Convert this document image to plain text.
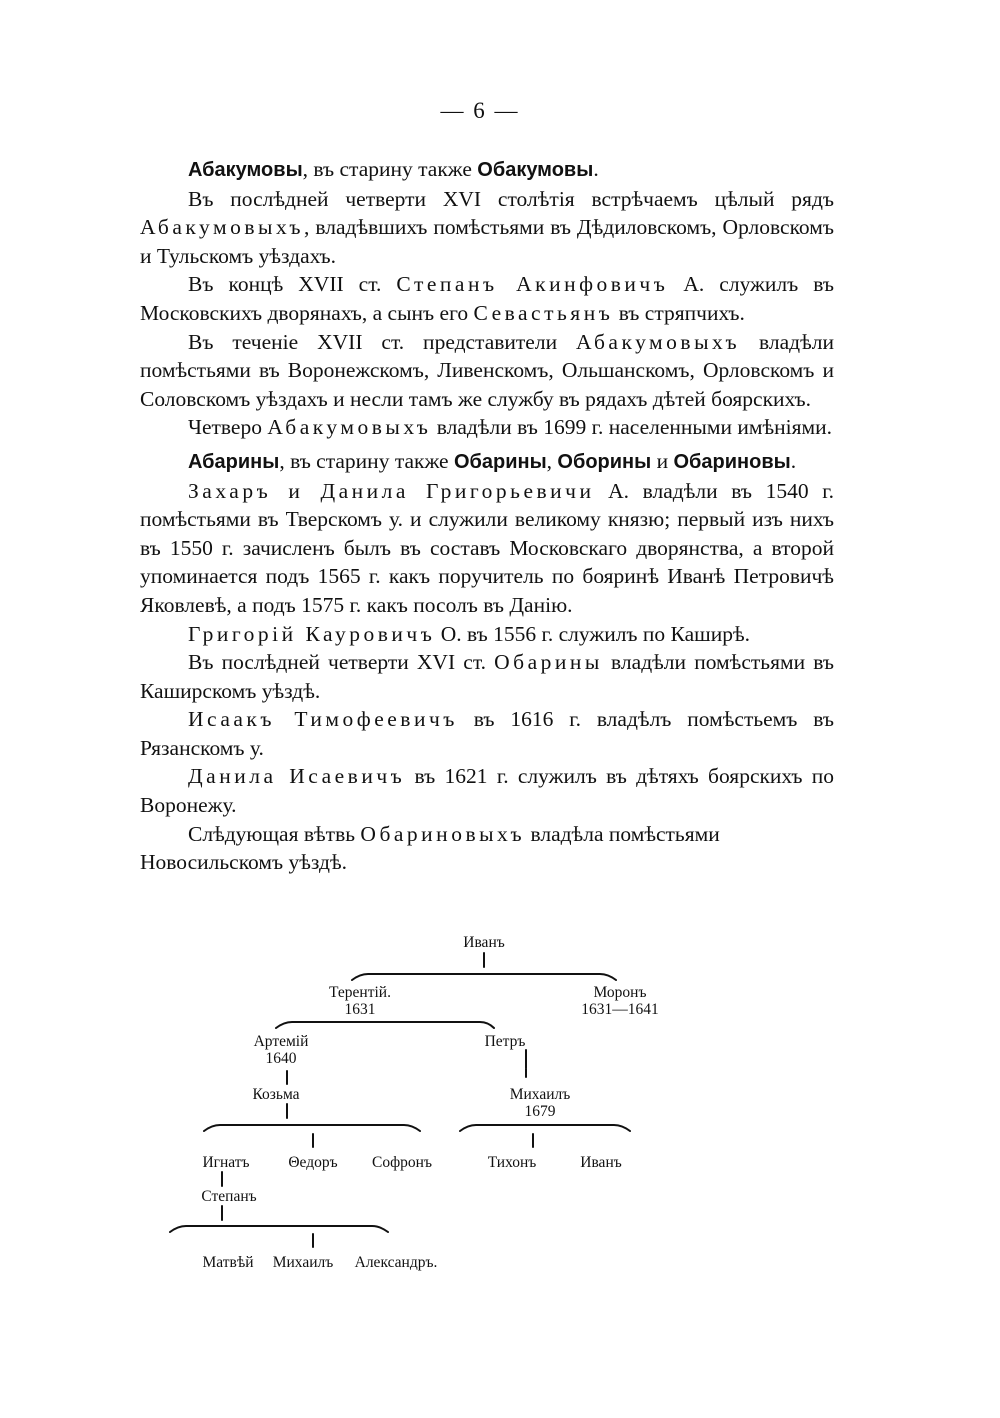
— 6 —

Абакумовы, въ старину также Обакумовы.

Въ послѣдней четверти XVI столѣтія встрѣчаемъ цѣлый рядъ Абакумовыхъ, владѣвшихъ помѣстьями въ Дѣдиловскомъ, Орловскомъ и Тульскомъ уѣздахъ.

Въ концѣ XVII ст. Степанъ Акинфовичъ А. служилъ въ Московскихъ дворянахъ, а сынъ его Севастьянъ въ стряпчихъ.

Въ теченіе XVII ст. представители Абакумовыхъ владѣли помѣстьями въ Воронежскомъ, Ливенскомъ, Ольшанскомъ, Орловскомъ и Соловскомъ уѣздахъ и несли тамъ же службу въ рядахъ дѣтей боярскихъ.

Четверо Абакумовыхъ владѣли въ 1699 г. населенными имѣніями.

Абарины, въ старину также Обарины, Оборины и Обариновы.

Захаръ и Данила Григорьевичи А. владѣли въ 1540 г. помѣстьями въ Тверскомъ у. и служили великому князю; первый изъ нихъ въ 1550 г. зачисленъ былъ въ составъ Московскаго дворянства, а второй упоминается подъ 1565 г. какъ поручитель по бояринѣ Иванѣ Петровичѣ Яковлевѣ, а подъ 1575 г. какъ посолъ въ Данію.

Григорій Кауровичъ О. въ 1556 г. служилъ по Каширѣ.

Въ послѣдней четверти XVI ст. Обарины владѣли помѣстьями въ Каширскомъ уѣздѣ.

Исаакъ Тимофеевичъ въ 1616 г. владѣлъ помѣстьемъ въ Рязанскомъ у.

Данила Исаевичъ въ 1621 г. служилъ въ дѣтяхъ боярскихъ по Воронежу.

Слѣдующая вѣтвь Обариновыхъ владѣла помѣстьями Новосильскомъ уѣздѣ.

Иванъ
Терентій.
1631
Моронъ
1631—1641
Артемій
1640
Петръ
Козьма	Михаилъ
1679
Игнатъ	Θедоръ Софронъ	Тихонъ	Иванъ
Степанъ
Матвѣй Михаилъ Александръ.
